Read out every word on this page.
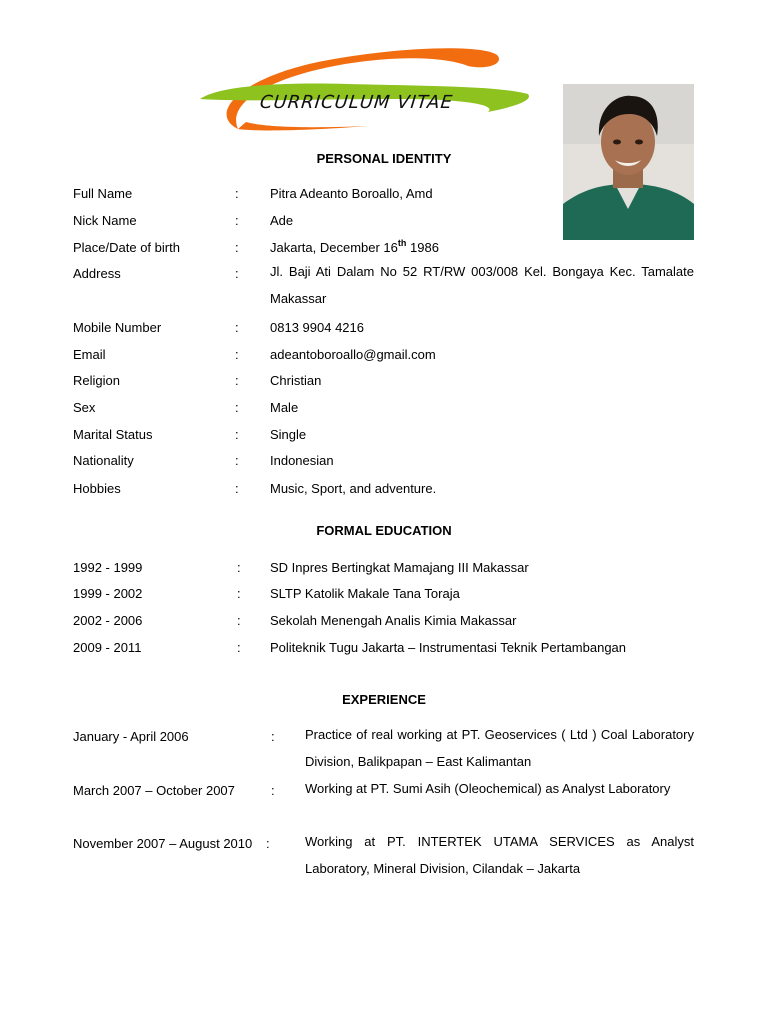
CURRICULUM VITAE
PERSONAL IDENTITY
Full Name	: Pitra Adeanto Boroallo, Amd
Nick Name	: Ade
Place/Date of birth	: Jakarta, December 16th 1986
Address	: Jl. Baji Ati Dalam No 52 RT/RW 003/008 Kel. Bongaya Kec. Tamalate Makassar
Mobile Number	: 0813 9904 4216
Email	: adeantoboroallo@gmail.com
Religion	: Christian
Sex	: Male
Marital Status	: Single
Nationality	: Indonesian
Hobbies	: Music, Sport, and adventure.
FORMAL EDUCATION
1992 - 1999	: SD Inpres Bertingkat Mamajang III Makassar
1999 - 2002	: SLTP Katolik Makale Tana Toraja
2002 - 2006	: Sekolah Menengah Analis Kimia Makassar
2009 - 2011	: Politeknik Tugu Jakarta – Instrumentasi Teknik Pertambangan
EXPERIENCE
January - April 2006	: Practice of real working at PT. Geoservices ( Ltd ) Coal Laboratory Division, Balikpapan – East Kalimantan
March 2007 – October 2007	: Working at PT. Sumi Asih (Oleochemical) as Analyst Laboratory
November 2007 – August 2010 :	Working at PT. INTERTEK UTAMA SERVICES as Analyst Laboratory, Mineral Division, Cilandak – Jakarta
